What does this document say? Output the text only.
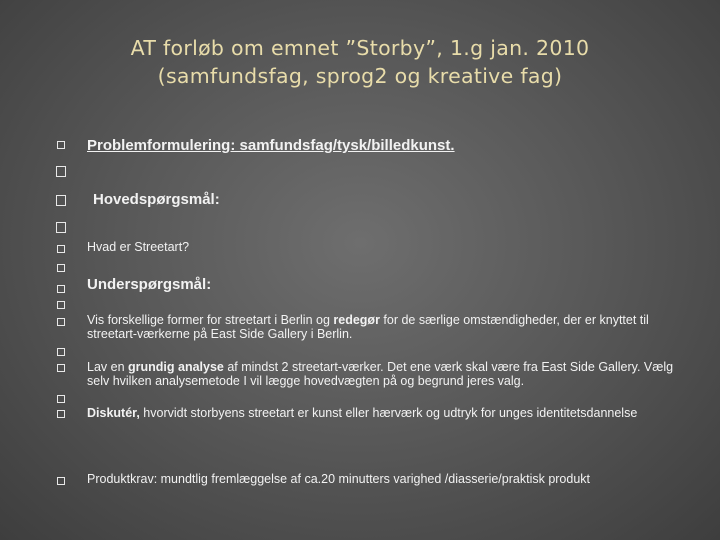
AT forløb om emnet ”Storby”, 1.g jan. 2010
(samfundsfag, sprog2 og kreative fag)
Problemformulering: samfundsfag/tysk/billedkunst.
Hovedspørgsmål:
Hvad er Streetart?
Underspørgsmål:
Vis forskellige former for streetart i Berlin og redegør for de særlige omstændigheder, der er knyttet til streetart-værkerne på East Side Gallery i Berlin.
Lav en grundig analyse af mindst 2 streetart-værker. Det ene værk skal være fra East Side Gallery. Vælg selv hvilken analysemetode I vil lægge hovedvægten på og begrund jeres valg.
Diskutér, hvorvidt storbyens streetart er kunst eller hærværk og udtryk for unges identitetsdannelse
Produktkrav: mundtlig fremlæggelse af ca.20 minutters varighed /diasserie/praktisk produkt
